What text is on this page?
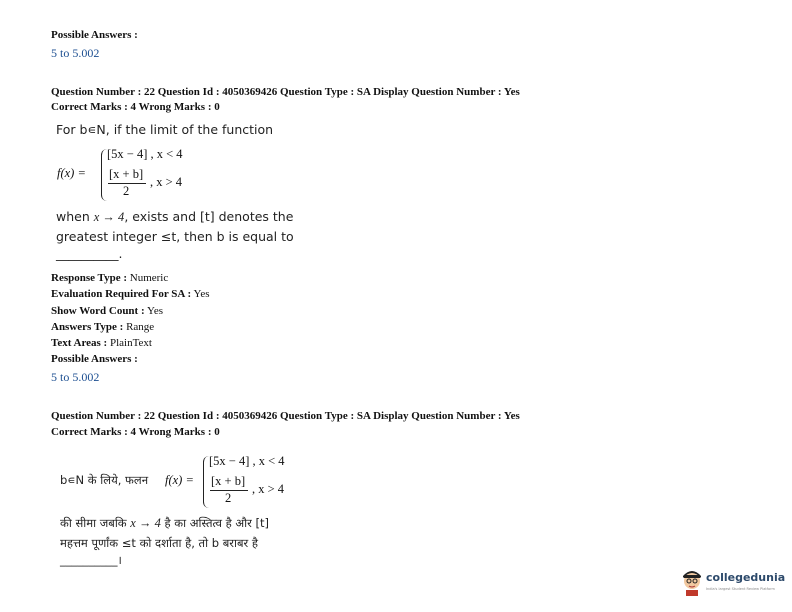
Possible Answers :
5 to 5.002
Question Number : 22 Question Id : 4050369426 Question Type : SA Display Question Number : Yes
Correct Marks : 4 Wrong Marks : 0
For b∊N, if the limit of the function
f(x) =
[5x − 4] , x < 4
[x + b]
2
, x > 4
when x → 4, exists and [t] denotes the
greatest integer ≤t, then b is equal to
__________.
Response Type : Numeric
Evaluation Required For SA : Yes
Show Word Count : Yes
Answers Type : Range
Text Areas : PlainText
Possible Answers :
5 to 5.002
Question Number : 22 Question Id : 4050369426 Question Type : SA Display Question Number : Yes
Correct Marks : 4 Wrong Marks : 0
b∊N के लिये, फलन f(x) =
[5x − 4] , x < 4
[x + b]
2
, x > 4
की सीमा जबकि x → 4 है का अस्तित्व है और [t]
महत्तम पूर्णांक ≤t को दर्शाता है, तो b बराबर है
__________।
collegedunia
India's largest Student Review Platform
